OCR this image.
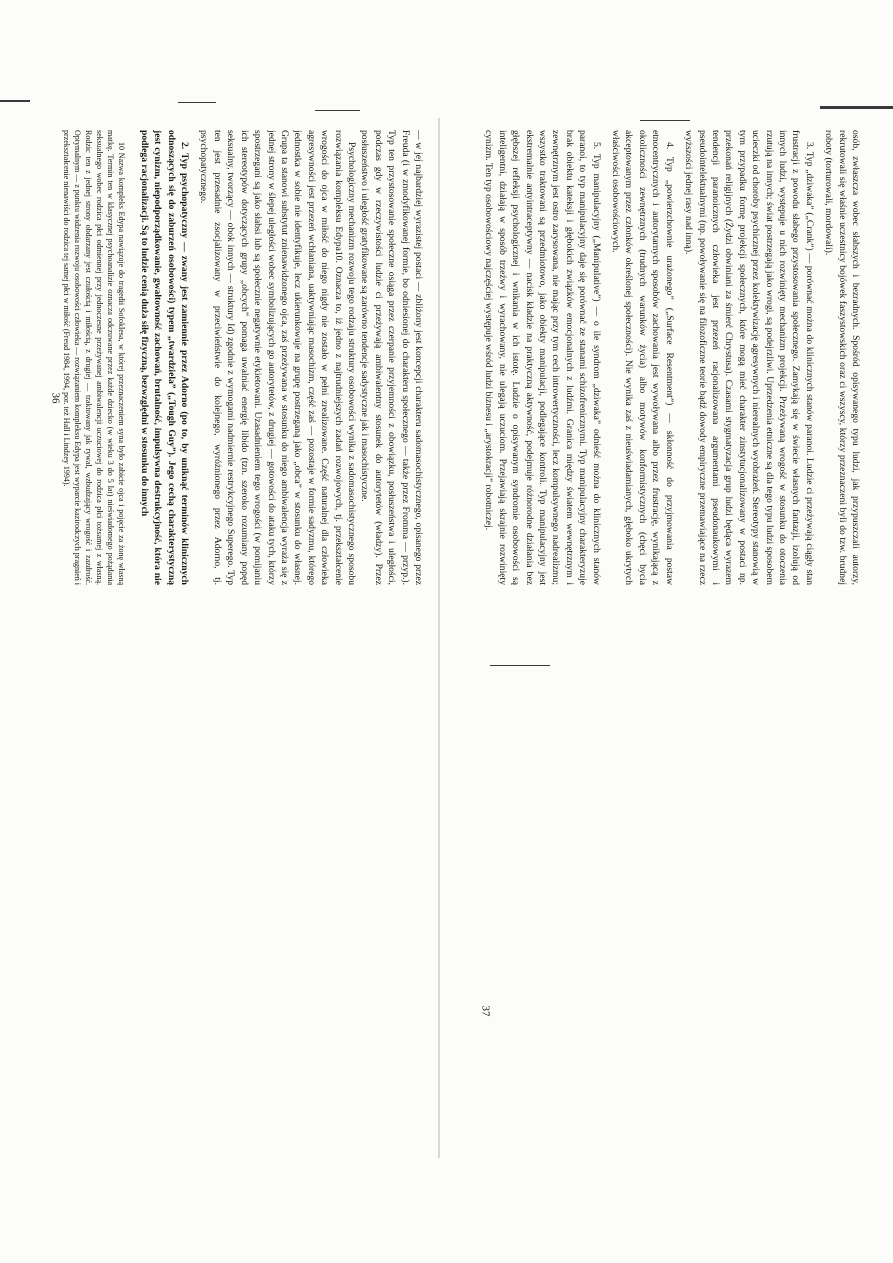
— w jej najbardziej wyrazistej postaci — zbliżony jest koncepcji charakteru sadomasochistycznego, opisanego przez Freuda (i w zmodyfikowanej formie, bo odniesionej do charakteru społecznego — także przez Fromma — przyp.). Typ ten przystosowanie społeczne osiąga przez czerpanie przyjemności z obowiązku, posłuszeństwa i uległości, podczas gdy w rzeczywistości ludzie ci przeżywają ambiwalentny stosunek do autorytetów (władzy). Przez posłuszeństwo i uległość gratyfikowane są zarówno tendencje sadystyczne jak i masochistyczne.

Psychologiczny mechanizm rozwoju tego rodzaju struktury osobowości wynika z sadomasochistycznego sposobu rozwiązania kompleksu Edypa10. Oznacza to, iż jedno z najtrudniejszych zadań rozwojowych, tj. przekształcenie wrogości do ojca w miłość do niego nigdy nie zostało w pełni zrealizowane. Część naturalnej dla człowieka agresywności jest przezeń wchłaniana, uaktywniając masochizm, część zaś — pozostaje w formie sadyzmu, którego jednostka w sobie nie identyfikuje, lecz ukierunkowuje na grupę postrzeganą jako „obca” w stosunku do własnej. Grupa ta stanowi substytut znienawidzonego ojca, zaś przeżywana w stosunku do niego ambiwalencja wyraża się z jednej strony w ślepej uległości wobec symbolizujących go autorytetów, z drugiej — gotowości do ataku tych, którzy spostrzegani są jako słabsi lub są społecznie negatywnie etykietowani. Uzasadnieniem tego wrogości (w pomijaniu ich stereotypów dotyczących grupy „obcych” pomaga uwalniać energię libido (tzn. szeroko rozumiany popęd seksualny, tworzący — obok innych — struktury Id) zgodnie z wymogami nadmiernie restrykcyjnego Superego. Typ ten jest przesadnie zsocjalizowany w przeciwieństwie do kolejnego, wyróżnionego przez Adorno, tj. psychopatycznego.

2. Typ psychopatyczny — zwany jest zamiennie przez Adorno (po to, by uniknąć terminów klinicznych odnoszących się do zaburzeń osobowości) typem „twardziela” („Tough Guy”). Jego cechą charakterystyczną jest cynizm, niepodporządkowanie, gwałtowność zachowań, brutalność, impulsywna destrukcyjność, która nie podlega racjonalizacji. Są to ludzie cenią duża siłę fizyczną, bezwzględni w stosunku do innych

10 Nazwa kompleks Edypa nawiązuje do tragedii Sofoklesa, w której przeznaczeniem syna było zabicie ojca i pojęcie za żonę własną matkę. Termin ten w klasycznej psychoanalizie oznacza odczuwane przez każde dziecko (w wieku 3 do 5 lat) nieświadomego pożądania seksualnego wobec rodzica płci odmiennej przy jednoczesne przeżywanej ambiwalencji uczuciowej do rodzica płci tożsamej z własną. Rodzic ten z jednej strony obdarzany jest czułością i miłością, z drugiej — traktowany jak rywal, wzbudzający wrogość i zazdrość. Optymalnym — z punktu widzenia rozwoju osobowości człowieka — rozwiązaniem kompleksu Edypa jest wyparcie kazirodczych pragnień i przekształcenie nienawiści do rodzica tej samej płci w miłość (Freud 1984, 1994, por. też Hall i Lindzey 1994).

36	osób, zwłaszcza wobec słabszych i bezradnych. Spośród opisywanego typu ludzi, jak przypuszczali autorzy, rekrutowali się właśnie uczestnicy bojówek faszystowskich oraz ci wszyscy, którzy przeznaczeni byli do tzw. brudnej roboty (torturowali, mordowali).

3. Typ „dziwaka” („Crank”) — porównać można do klinicznych stanów paranoi. Ludzie ci przeżywają ciągły stan frustracji z powodu słabego przystosowania społecznego. Zamykają się w świecie własnych fantazji, izolują od innych ludzi, występuje u nich rozwinięty mechanizm projekcji. Przeżywaną wrogość w stosunku do otoczenia rzutują na innych; świat postrzegają jako wrogi, są podejrzliwi. Uprzedzenia etniczne są dla tego typu ludzi sposobem ucieczki od choroby psychicznej przez kolektywizację agresywnych i nierealnych wyobrażeń. Stereotypy stanowią w tym przypadku formę projekcji społecznych, które mogą mieć charakter zinstytucjonalizowany w postaci np. przekonań religijnych (Żydzi obwiniani za śmierć Chrystusa). Czasami stygmatyzacja grup ludzi będąca wyrazem tendencji paranoicznych człowieka jest przezeń racjonalizowana argumentami pseudonaukowymi i pseudointelektualnymi (np. powoływanie się na filozoficzne teorie bądź dowody empiryczne przemawiające na rzecz wyższości jednej rasy nad inną).

4. Typ „powierzchownie urażonego” („Surface Resentment”) — skłonność do przyjmowania postaw etnocentrycznych i autorytarnych sposobów zachowania jest wywoływana albo przez frustrację, wynikającą z okoliczności zewnętrznych (trudnych warunków życia) albo motywów konformistycznych (chęci bycia akceptowanym przez członków określonej społeczności). Nie wynika zaś z nieuświadamianych, głęboko ukrytych właściwości osobowościowych.

5. Typ manipulacyjny („Manipulative”) — o ile syndrom „dziwaka” odnieść można do klinicznych stanów paranoi, to typ manipulacyjny daje się porównać ze stanami schizofrenicznymi. Typ manipulacyjny charakteryzuje brak obiektu kateksji i głębokich związków emocjonalnych z ludźmi. Granica między światem wewnętrznym i zewnętrznym jest ostro zarysowana, nie mając przy tym cech introwertyczności, lecz kompulsywnego nadrealizmu; wszystko traktowani są przedmiotowo, jako obiekty manipulacji, podlegające kontroli. Typ manipulacyjny jest ekstremalnie antyintraceptywny — nacisk kładzie na praktyczną aktywność, podejmuje różnorodne działania bez głębszej refleksji psychologicznej i wnikania w ich istotę. Ludzie o opisywanym syndromie osobowości są inteligentni, działają w sposób trzeźwy i wyrachowany, nie ulegają uczuciom. Przejawiają skrajnie rozwinięty cynizm. Ten typ osobowościowy najczęściej występuje wśród ludzi biznesu i „arystokracji” robotniczej.

37
